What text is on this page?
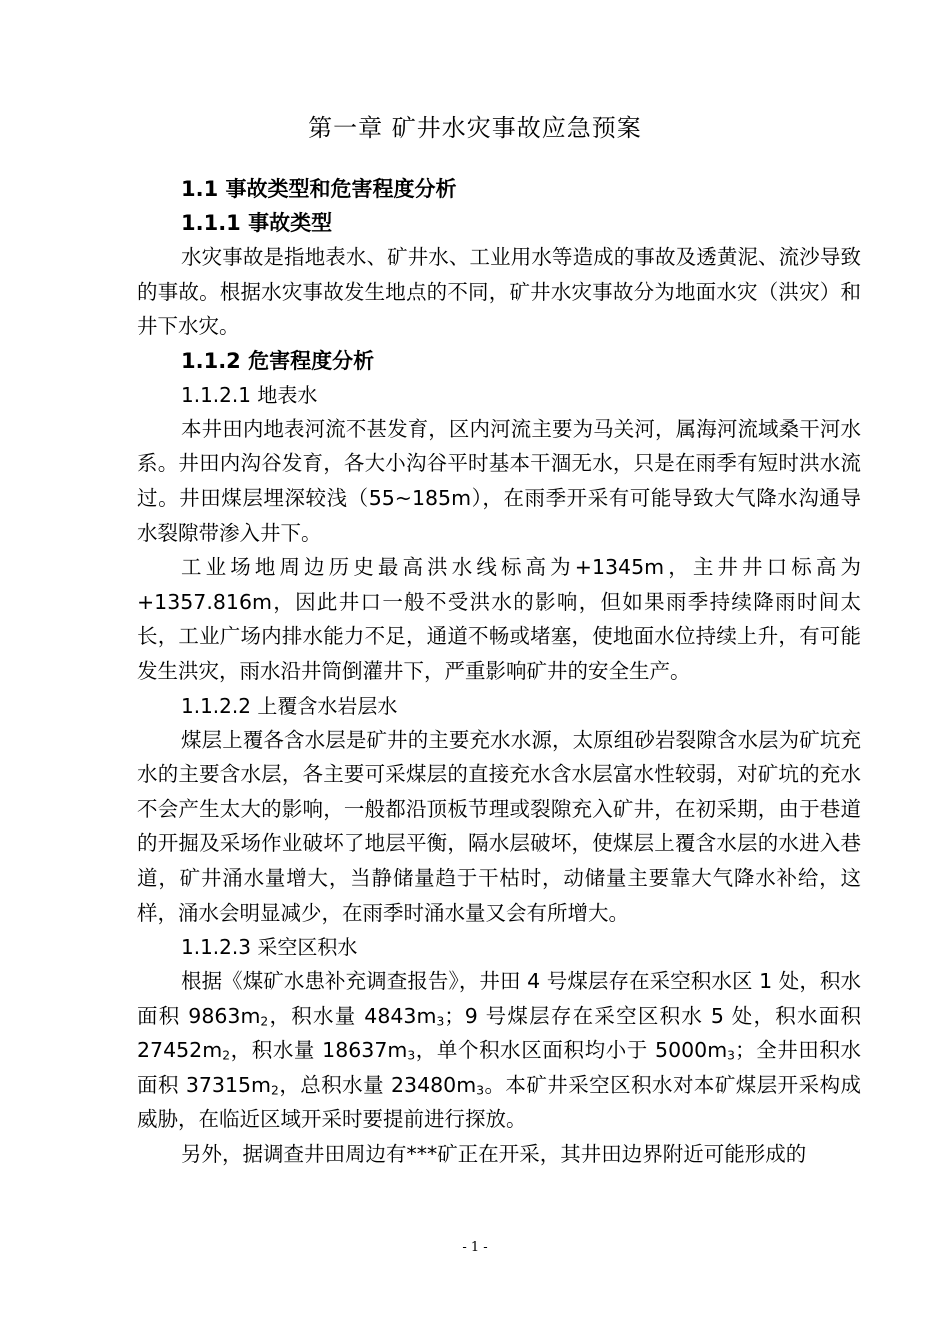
第一章 矿井水灾事故应急预案
1.1 事故类型和危害程度分析
1.1.1 事故类型

水灾事故是指地表水、矿井水、工业用水等造成的事故及透黄泥、流沙导致的事故。根据水灾事故发生地点的不同，矿井水灾事故分为地面水灾（洪灾）和井下水灾。

1.1.2 危害程度分析
1.1.2.1 地表水

本井田内地表河流不甚发育，区内河流主要为马关河，属海河流域桑干河水系。井田内沟谷发育，各大小沟谷平时基本干涸无水，只是在雨季有短时洪水流过。井田煤层埋深较浅（55~185m），在雨季开采有可能导致大气降水沟通导水裂隙带渗入井下。

工业场地周边历史最高洪水线标高为+1345m，主井井口标高为+1357.816m，因此井口一般不受洪水的影响，但如果雨季持续降雨时间太长，工业广场内排水能力不足，通道不畅或堵塞，使地面水位持续上升，有可能发生洪灾，雨水沿井筒倒灌井下，严重影响矿井的安全生产。

1.1.2.2 上覆含水岩层水

煤层上覆各含水层是矿井的主要充水水源，太原组砂岩裂隙含水层为矿坑充水的主要含水层，各主要可采煤层的直接充水含水层富水性较弱，对矿坑的充水不会产生太大的影响，一般都沿顶板节理或裂隙充入矿井，在初采期，由于巷道的开掘及采场作业破坏了地层平衡，隔水层破坏，使煤层上覆含水层的水进入巷道，矿井涌水量增大，当静储量趋于干枯时，动储量主要靠大气降水补给，这样，涌水会明显减少，在雨季时涌水量又会有所增大。

1.1.2.3 采空区积水

根据《煤矿水患补充调查报告》，井田 4 号煤层存在采空积水区 1 处，积水面积 $9863m_2$，积水量 $4843m_3$；9 号煤层存在采空区积水 5 处，积水面积 $27452m_2$，积水量 $18637m_3$，单个积水区面积均小于 $5000m_3$；全井田积水面积 $37315m_2$，总积水量 $23480m_3$。本矿井采空区积水对本矿煤层开采构成威胁，在临近区域开采时要提前进行探放。

另外，据调查井田周边有***矿正在开采，其井田边界附近可能形成的

- 1 -
